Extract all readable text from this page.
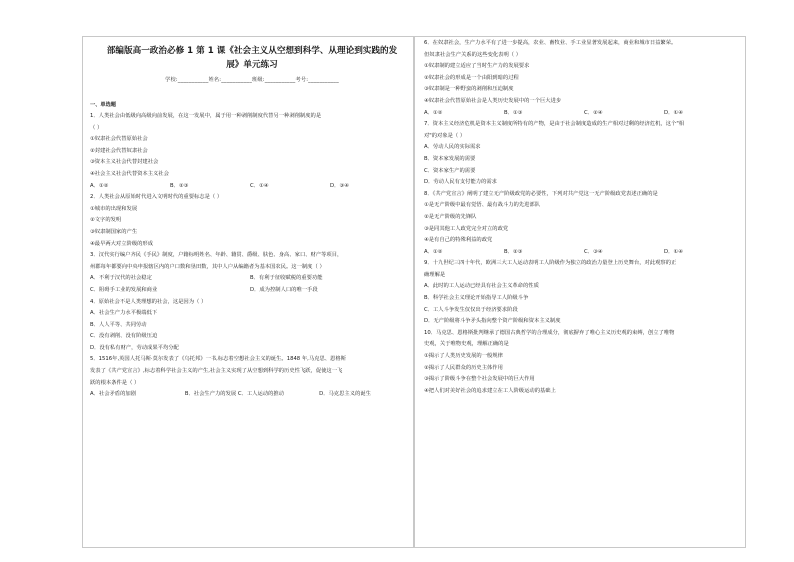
部编版高一政治必修 1 第 1 课《社会主义从空想到科学、从理论到实践的发
展》单元练习
学校:___________姓名:___________班级:___________考号:___________
一、单选题
1．人类社会由低级向高级向前发展，在这一发展中，属于用一种剥削制度代替另一种剥削制度的是
（ ）
①奴隶社会代替原始社会
②封建社会代替奴隶社会
③资本主义社会代替封建社会
④社会主义社会代替资本主义社会
A．①②	B．②③	C．①④	D．③④
2．人类社会从原始时代进入文明时代的重要标志是（ ）
①城市的出现和发展
②文字的发明
③奴隶制国家的产生
④最早两大对立阶级的形成
3．汉代实行编户齐民《手民》制度，户籍标明姓名、年龄、籍贯、爵级、肤色、身高、家口、财产等项目，
州郡每年都要向中央申报辖区内的户口数和垦田数，其中人户从编籍者为基本国农民。这一制度（ ）
A．不利于汉代的社会稳定	B．有利于征收赋税的重要功能
C．阻碍手工业的发展和商业	D．成为控制人口的唯一手段
4．原始社会不是人类理想的社会，这是因为（ ）
A．社会生产力水平极端低下
B．人人平等、共同劳动
C．没有剥削、没有阶级压迫
D．没有私有财产，劳动成果平均分配
5．1516年,英国人托马斯·莫尔发表了《乌托邦》一书,标志着空想社会主义的诞生。1848 年,马克思、恩格斯
发表了《共产党宣言》,标志着科学社会主义的产生,社会主义实现了从空想到科学的历史性飞跃，促使这一飞
跃的根本条件是（ ）
A．社会矛盾的加剧	B．社会生产力的发展 C．工人运动的推动	D．马克思主义的诞生
6．在奴隶社会，生产力水平有了进一步提高，农业、畜牧业、手工业显著发展起来，商业和城市日益繁荣。
但奴隶社会生产关系的这些变化表明（ ）
①奴隶制的建立适应了当时生产力的发展要求
②奴隶社会的形成是一个由阳到暗的过程
③奴隶制是一种野蛮的剥削和压迫制度
④奴隶社会代替原始社会是人类历史发展中的一个巨大进步
A．①②	B．①③	C．②④	D．①④
7．资本主义经济危机是资本主义制度所特有的产物，是由于社会制度造成的生产相对过剩的经济危机，这个"相
对"的对象是（ ）
A．劳动人民的实际需求
B．资本家发展的需要
C．资本家生产的需要
D．劳动人民有支付能力的需求
8．《共产党宣言》阐明了建立无产阶级政党的必要性，下列对共产党这一无产阶级政党表述正确的是
①是无产阶级中最有觉悟、最有战斗力的先进部队
②是无产阶级的先锋队
③是同其他工人政党完全对立的政党
④是有自己的特殊利益的政党
A．①②	B．②③	C．③④	D．①④
9．十九世纪三四十年代，欧洲三大工人运动表明工人阶级作为独立的政治力量登上历史舞台，对此观察的正
确理解是
A．此时的工人运动已经具有社会主义革命的性质
B．科学社会主义理论开始指导工人阶级斗争
C．工人斗争发生仅仅出于经济要求阶段
D．无产阶级将斗争矛头指向整个资产阶级和资本主义制度
10．马克思、恩格斯批判继承了德国古典哲学的合理成分，彻底摒弃了唯心主义历史观的束缚，创立了唯物
史观，关于唯物史观，理解正确的是
①揭示了人类历史发展的一般规律
②揭示了人民群众的历史主体作用
③揭示了阶级斗争在整个社会发展中的巨大作用
④把人们对美好社会的追求建立在工人阶级运动的基础上
